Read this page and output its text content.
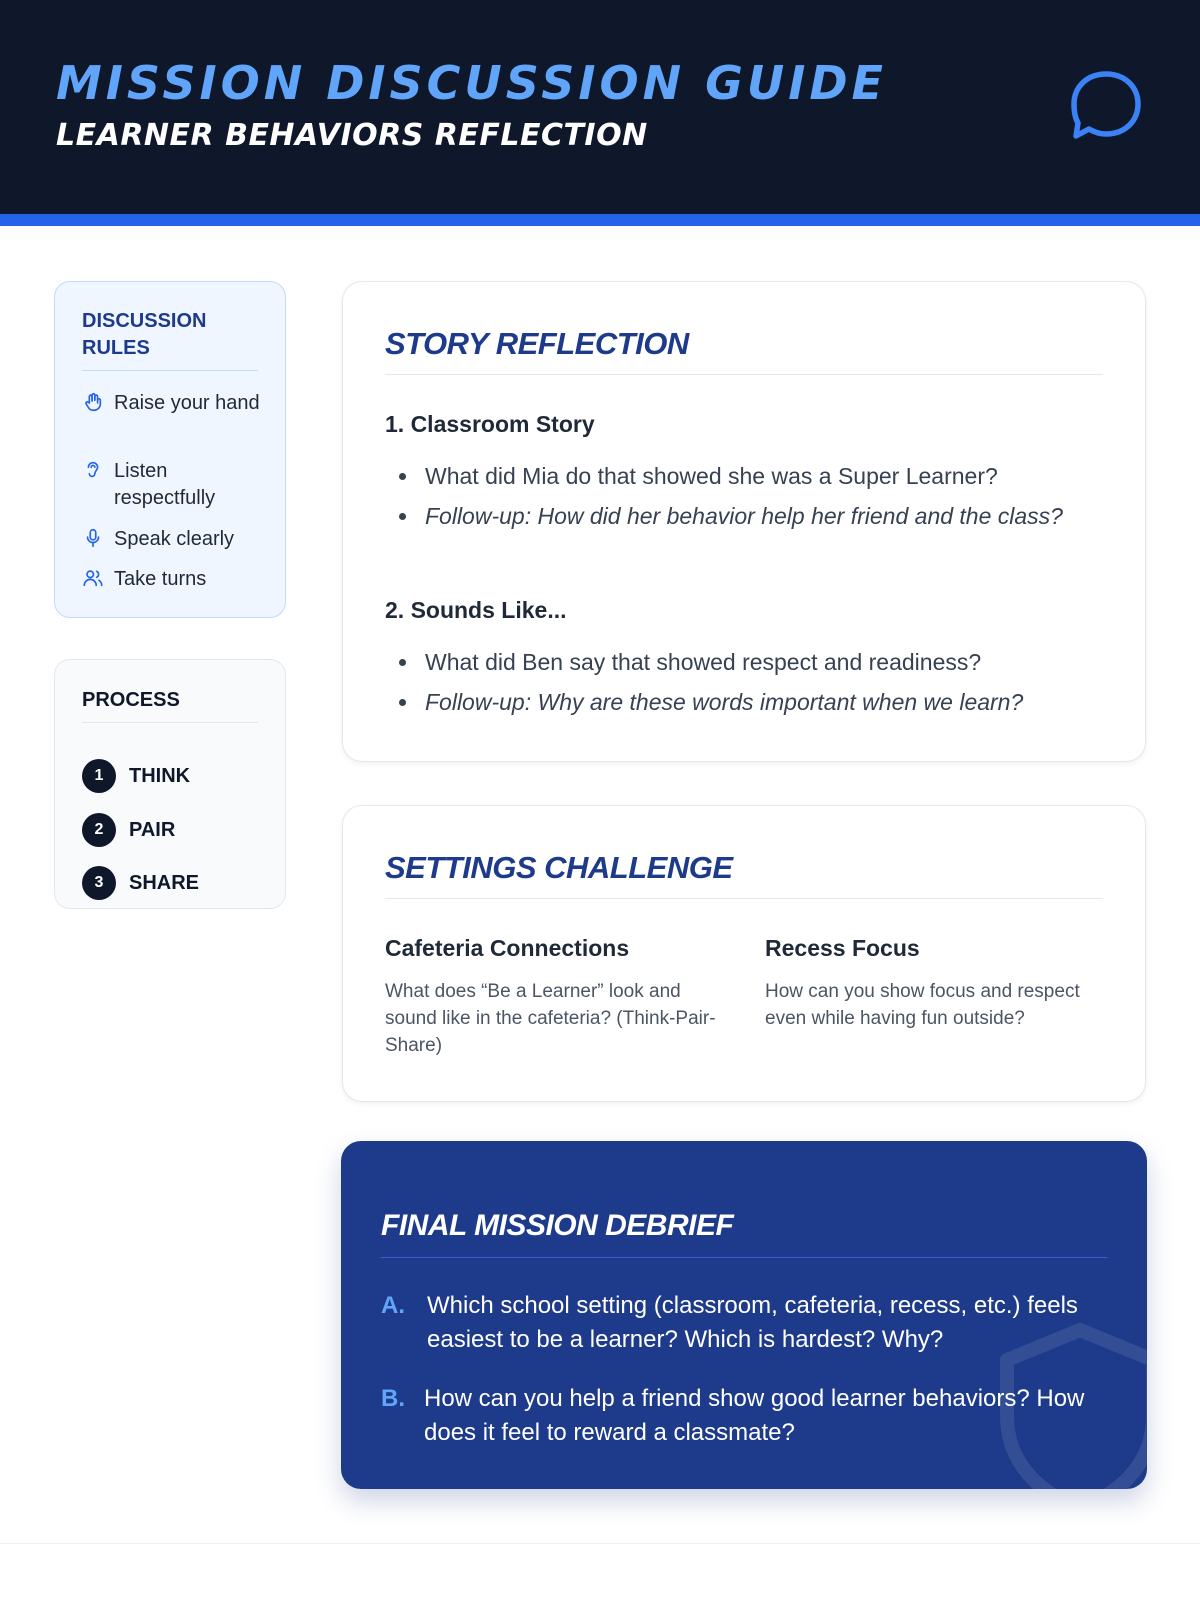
MISSION DISCUSSION GUIDE
LEARNER BEHAVIORS REFLECTION
DISCUSSION RULES
Raise your hand
Listen respectfully
Speak clearly
Take turns
PROCESS
1	THINK
2	PAIR
3	SHARE
STORY REFLECTION
1. Classroom Story
What did Mia do that showed she was a Super Learner?
Follow-up: How did her behavior help her friend and the class?
2. Sounds Like...
What did Ben say that showed respect and readiness?
Follow-up: Why are these words important when we learn?
SETTINGS CHALLENGE
Cafeteria Connections
What does “Be a Learner” look and sound like in the cafeteria? (Think-Pair-Share)
Recess Focus
How can you show focus and respect even while having fun outside?
FINAL MISSION DEBRIEF
A. Which school setting (classroom, cafeteria, recess, etc.) feels easiest to be a learner? Which is hardest? Why?
B. How can you help a friend show good learner behaviors? How does it feel to reward a classmate?
